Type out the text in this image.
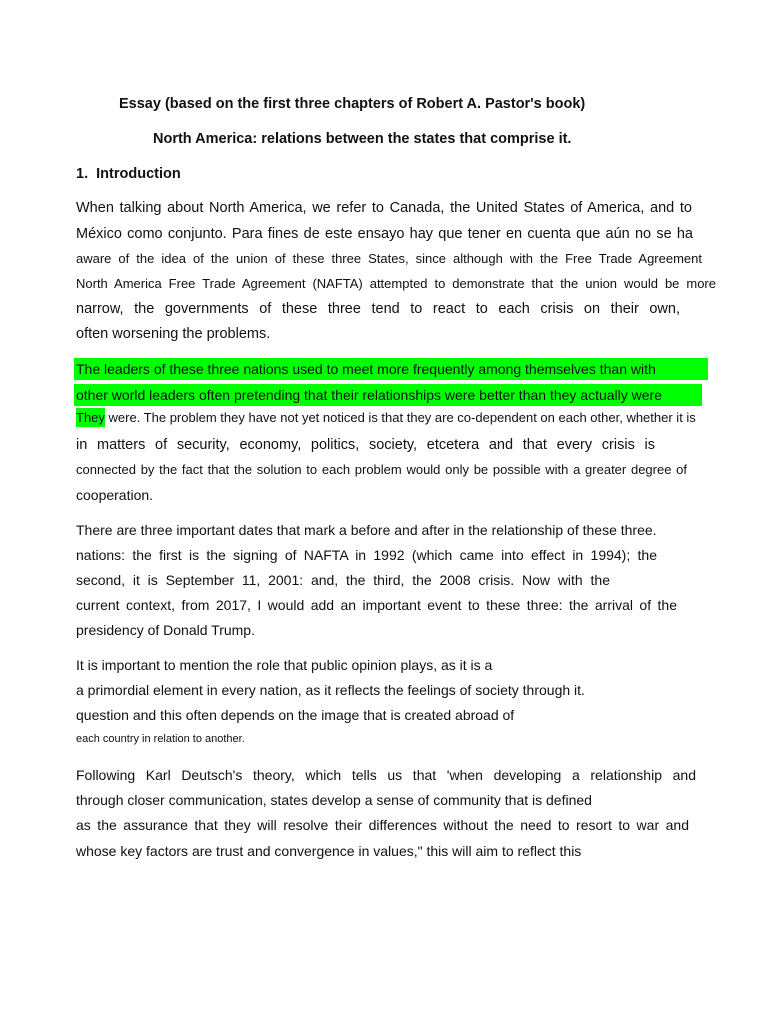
Essay (based on the first three chapters of Robert A. Pastor's book)
North America: relations between the states that comprise it.
1. Introduction
When talking about North America, we refer to Canada, the United States of America, and to
México como conjunto. Para fines de este ensayo hay que tener en cuenta que aún no se ha
aware of the idea of the union of these three States, since although with the Free Trade Agreement
North America Free Trade Agreement (NAFTA) attempted to demonstrate that the union would be more
narrow, the governments of these three tend to react to each crisis on their own,
often worsening the problems.
The leaders of these three nations used to meet more frequently among themselves than with
other world leaders often pretending that their relationships were better than they actually were
They were. The problem they have not yet noticed is that they are co-dependent on each other, whether it is
in matters of security, economy, politics, society, etcetera and that every crisis is
connected by the fact that the solution to each problem would only be possible with a greater degree of
cooperation.
There are three important dates that mark a before and after in the relationship of these three.
nations: the first is the signing of NAFTA in 1992 (which came into effect in 1994); the
second, it is September 11, 2001: and, the third, the 2008 crisis. Now with the
current context, from 2017, I would add an important event to these three: the arrival of the
presidency of Donald Trump.
It is important to mention the role that public opinion plays, as it is a
a primordial element in every nation, as it reflects the feelings of society through it.
question and this often depends on the image that is created abroad of
each country in relation to another.
Following Karl Deutsch's theory, which tells us that 'when developing a relationship and
through closer communication, states develop a sense of community that is defined
as the assurance that they will resolve their differences without the need to resort to war and
whose key factors are trust and convergence in values," this will aim to reflect this
